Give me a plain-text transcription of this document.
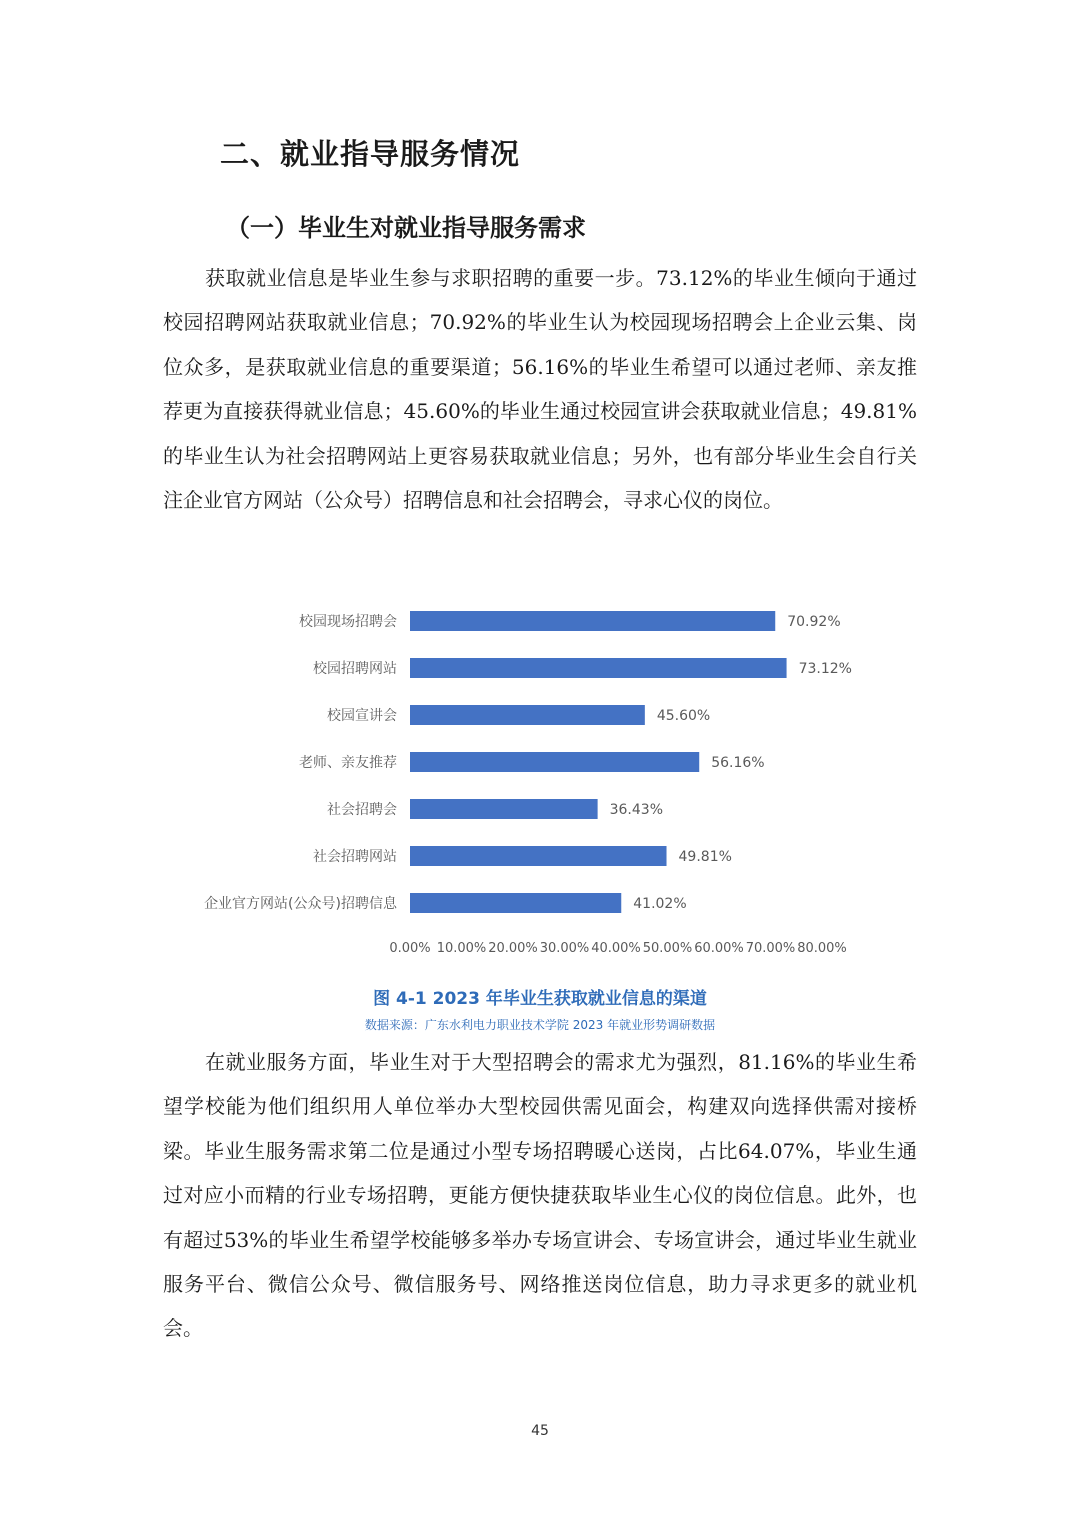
二、就业指导服务情况
（一）毕业生对就业指导服务需求

获取就业信息是毕业生参与求职招聘的重要一步。73.12%的毕业生倾向于通过校园招聘网站获取就业信息；70.92%的毕业生认为校园现场招聘会上企业云集、岗位众多，是获取就业信息的重要渠道；56.16%的毕业生希望可以通过老师、亲友推荐更为直接获得就业信息；45.60%的毕业生通过校园宣讲会获取就业信息；49.81%的毕业生认为社会招聘网站上更容易获取就业信息；另外，也有部分毕业生会自行关注企业官方网站（公众号）招聘信息和社会招聘会，寻求心仪的岗位。

校园现场招聘会	70.92%
校园招聘网站	73.12%
校园宣讲会	45.60%
老师、亲友推荐	56.16%
社会招聘会	36.43%
社会招聘网站	49.81%
企业官方网站(公众号)招聘信息	41.02%
0.00% 10.00% 20.00% 30.00% 40.00% 50.00% 60.00% 70.00% 80.00%

图 4-1 2023 年毕业生获取就业信息的渠道

数据来源：广东水利电力职业技术学院 2023 年就业形势调研数据

在就业服务方面，毕业生对于大型招聘会的需求尤为强烈，81.16%的毕业生希望学校能为他们组织用人单位举办大型校园供需见面会，构建双向选择供需对接桥梁。毕业生服务需求第二位是通过小型专场招聘暖心送岗，占比64.07%，毕业生通过对应小而精的行业专场招聘，更能方便快捷获取毕业生心仪的岗位信息。此外，也有超过53%的毕业生希望学校能够多举办专场宣讲会、专场宣讲会，通过毕业生就业服务平台、微信公众号、微信服务号、网络推送岗位信息，助力寻求更多的就业机会。

45
